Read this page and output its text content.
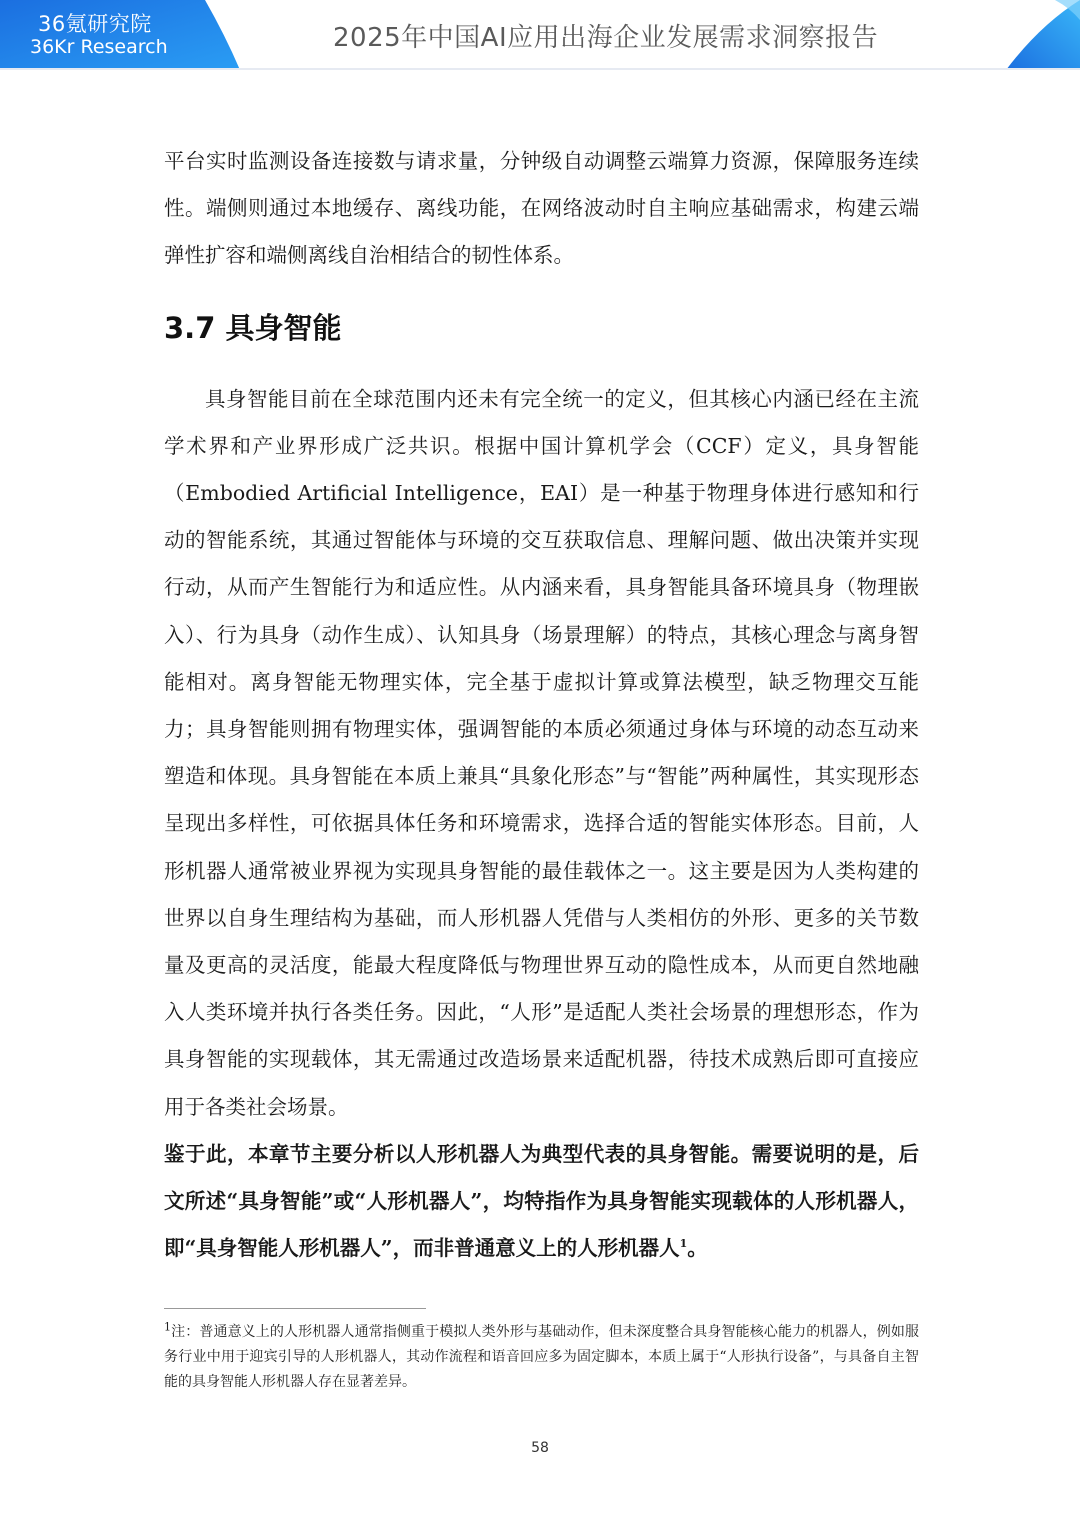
36氪研究院
36Kr Research	2025年中国AI应用出海企业发展需求洞察报告

平台实时监测设备连接数与请求量，分钟级自动调整云端算力资源，保障服务连续性。端侧则通过本地缓存、离线功能，在网络波动时自主响应基础需求，构建云端弹性扩容和端侧离线自治相结合的韧性体系。

3.7 具身智能

具身智能目前在全球范围内还未有完全统一的定义，但其核心内涵已经在主流学术界和产业界形成广泛共识。根据中国计算机学会（CCF）定义，具身智能（Embodied Artificial Intelligence，EAI）是一种基于物理身体进行感知和行动的智能系统，其通过智能体与环境的交互获取信息、理解问题、做出决策并实现行动，从而产生智能行为和适应性。从内涵来看，具身智能具备环境具身（物理嵌入）、行为具身（动作生成）、认知具身（场景理解）的特点，其核心理念与离身智能相对。离身智能无物理实体，完全基于虚拟计算或算法模型，缺乏物理交互能力；具身智能则拥有物理实体，强调智能的本质必须通过身体与环境的动态互动来塑造和体现。具身智能在本质上兼具“具象化形态”与“智能”两种属性，其实现形态呈现出多样性，可依据具体任务和环境需求，选择合适的智能实体形态。目前，人形机器人通常被业界视为实现具身智能的最佳载体之一。这主要是因为人类构建的世界以自身生理结构为基础，而人形机器人凭借与人类相仿的外形、更多的关节数量及更高的灵活度，能最大程度降低与物理世界互动的隐性成本，从而更自然地融入人类环境并执行各类任务。因此，“人形”是适配人类社会场景的理想形态，作为具身智能的实现载体，其无需通过改造场景来适配机器，待技术成熟后即可直接应用于各类社会场景。

鉴于此，本章节主要分析以人形机器人为典型代表的具身智能。需要说明的是，后文所述“具身智能”或“人形机器人”，均特指作为具身智能实现载体的人形机器人，即“具身智能人形机器人”，而非普通意义上的人形机器人$^1$。

$^1$注：普通意义上的人形机器人通常指侧重于模拟人类外形与基础动作，但未深度整合具身智能核心能力的机器人，例如服务行业中用于迎宾引导的人形机器人，其动作流程和语音回应多为固定脚本，本质上属于“人形执行设备”，与具备自主智能的具身智能人形机器人存在显著差异。
58
